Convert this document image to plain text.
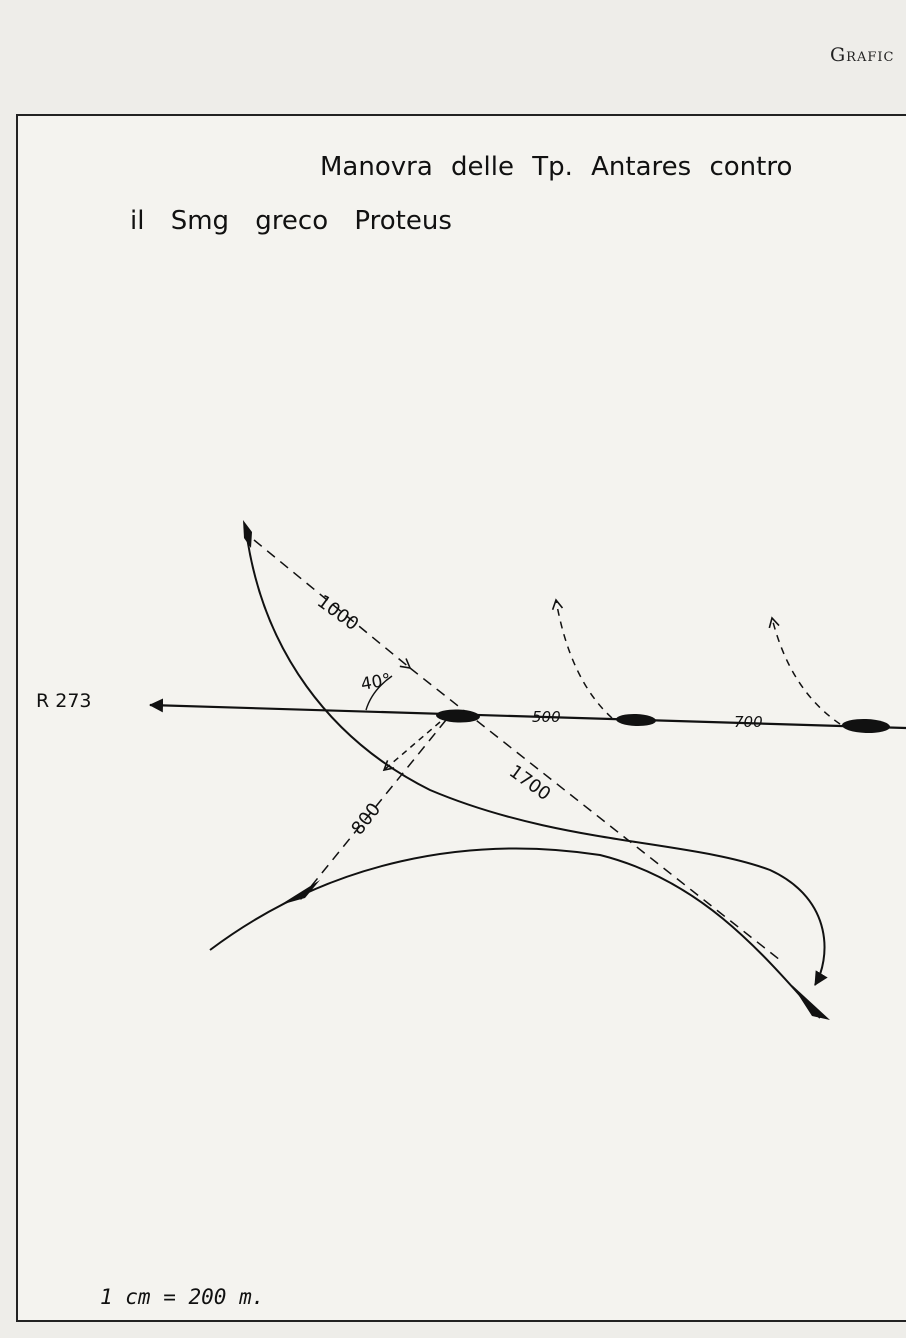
Grafic
Manovra delle Tp. Antares contro
il Smg greco Proteus
R 273
1 cm = 200 m.
40°
1000
1700
800
500	700
